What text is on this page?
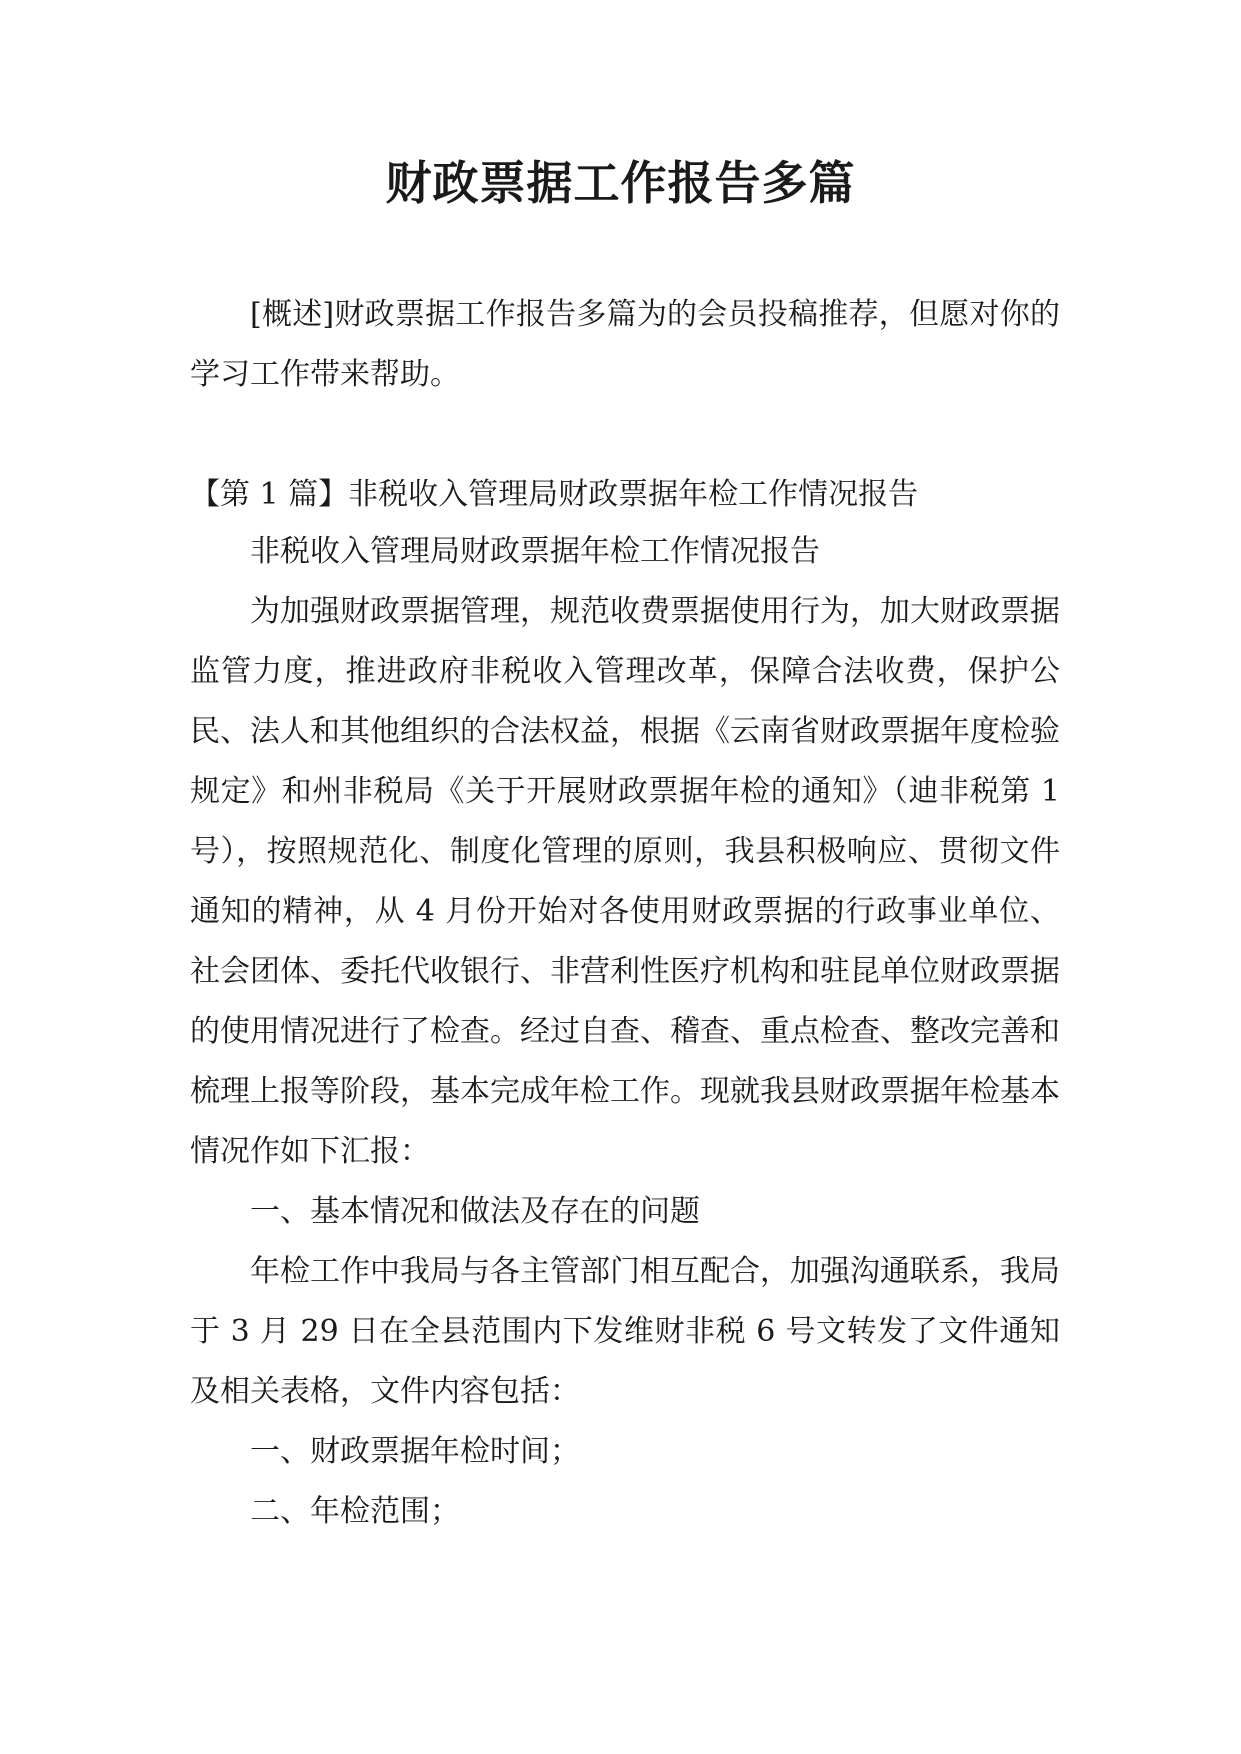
财政票据工作报告多篇

[概述]财政票据工作报告多篇为的会员投稿推荐，但愿对你的学习工作带来帮助。

【第 1 篇】非税收入管理局财政票据年检工作情况报告

非税收入管理局财政票据年检工作情况报告

为加强财政票据管理，规范收费票据使用行为，加大财政票据监管力度，推进政府非税收入管理改革，保障合法收费，保护公民、法人和其他组织的合法权益，根据《云南省财政票据年度检验规定》和州非税局《关于开展财政票据年检的通知》（迪非税第 1 号），按照规范化、制度化管理的原则，我县积极响应、贯彻文件通知的精神，从 4 月份开始对各使用财政票据的行政事业单位、社会团体、委托代收银行、非营利性医疗机构和驻昆单位财政票据的使用情况进行了检查。经过自查、稽查、重点检查、整改完善和梳理上报等阶段，基本完成年检工作。现就我县财政票据年检基本情况作如下汇报：

一、基本情况和做法及存在的问题

年检工作中我局与各主管部门相互配合，加强沟通联系，我局于 3 月 29 日在全县范围内下发维财非税 6 号文转发了文件通知及相关表格，文件内容包括：

一、财政票据年检时间；

二、年检范围；
